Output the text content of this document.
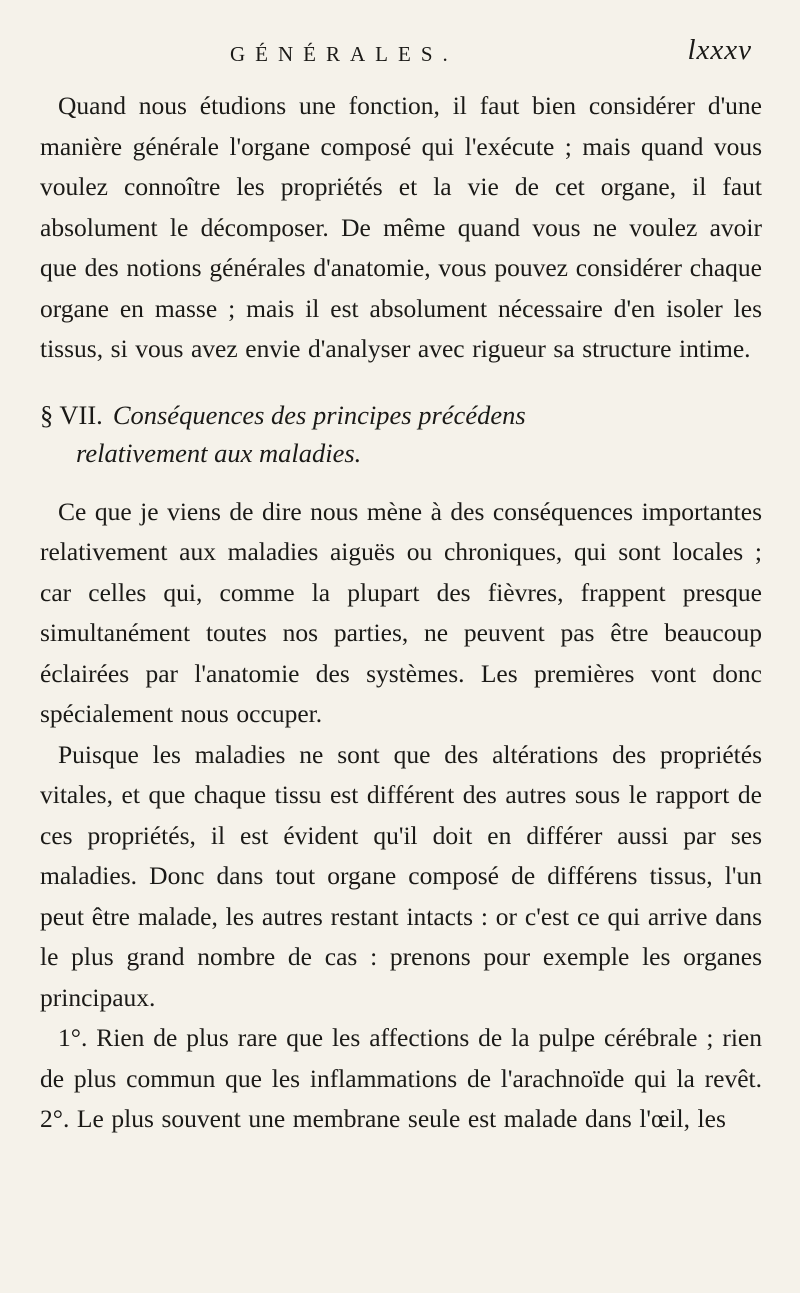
GÉNÉRALES.	lxxxv

Quand nous étudions une fonction, il faut bien considérer d'une manière générale l'organe composé qui l'exécute ; mais quand vous voulez connoître les propriétés et la vie de cet organe, il faut absolument le décomposer. De même quand vous ne voulez avoir que des notions générales d'anatomie, vous pouvez considérer chaque organe en masse ; mais il est absolument nécessaire d'en isoler les tissus, si vous avez envie d'analyser avec rigueur sa structure intime.

§ VII. Conséquences des principes précédens
relativement aux maladies.

Ce que je viens de dire nous mène à des conséquences importantes relativement aux maladies aiguës ou chroniques, qui sont locales ; car celles qui, comme la plupart des fièvres, frappent presque simultanément toutes nos parties, ne peuvent pas être beaucoup éclairées par l'anatomie des systèmes. Les premières vont donc spécialement nous occuper.

Puisque les maladies ne sont que des altérations des propriétés vitales, et que chaque tissu est différent des autres sous le rapport de ces propriétés, il est évident qu'il doit en différer aussi par ses maladies. Donc dans tout organe composé de différens tissus, l'un peut être malade, les autres restant intacts : or c'est ce qui arrive dans le plus grand nombre de cas : prenons pour exemple les organes principaux.

1°. Rien de plus rare que les affections de la pulpe cérébrale ; rien de plus commun que les inflammations de l'arachnoïde qui la revêt. 2°. Le plus souvent une membrane seule est malade dans l'œil, les
